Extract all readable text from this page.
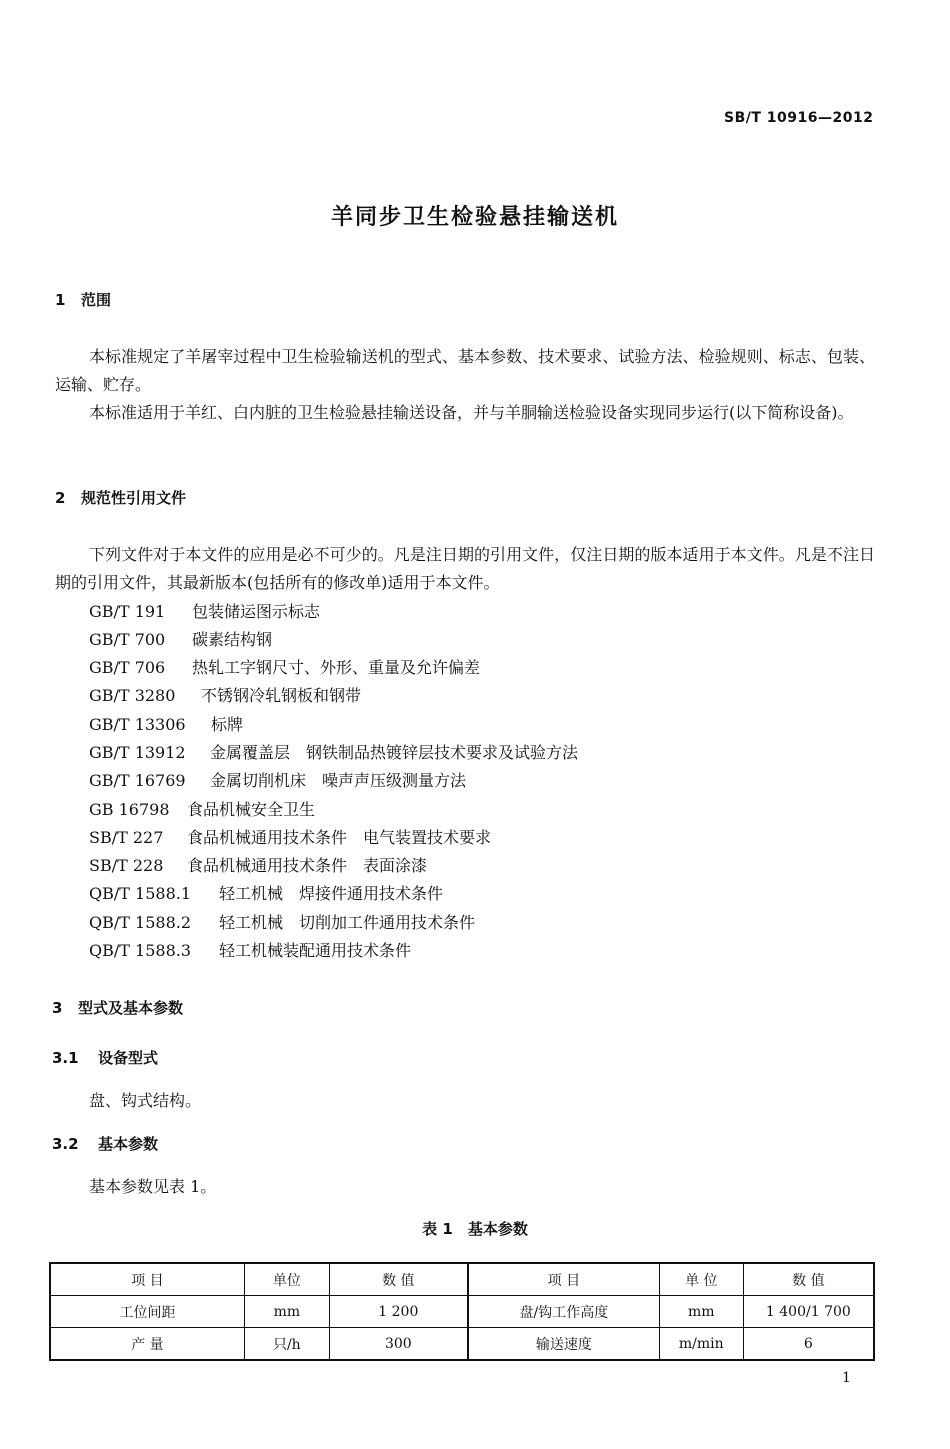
SB/T 10916—2012
羊同步卫生检验悬挂输送机
1 范围
本标准规定了羊屠宰过程中卫生检验输送机的型式、基本参数、技术要求、试验方法、检验规则、标志、包装、运输、贮存。
本标准适用于羊红、白内脏的卫生检验悬挂输送设备，并与羊胴输送检验设备实现同步运行(以下简称设备)。
2 规范性引用文件
下列文件对于本文件的应用是必不可少的。凡是注日期的引用文件，仅注日期的版本适用于本文件。凡是不注日期的引用文件，其最新版本(包括所有的修改单)适用于本文件。
GB/T 191 包装储运图示标志
GB/T 700 碳素结构钢
GB/T 706 热轧工字钢尺寸、外形、重量及允许偏差
GB/T 3280 不锈钢冷轧钢板和钢带
GB/T 13306 标牌
GB/T 13912 金属覆盖层　钢铁制品热镀锌层技术要求及试验方法
GB/T 16769 金属切削机床　噪声声压级测量方法
GB 16798 食品机械安全卫生
SB/T 227 食品机械通用技术条件　电气装置技术要求
SB/T 228 食品机械通用技术条件　表面涂漆
QB/T 1588.1 轻工机械　焊接件通用技术条件
QB/T 1588.2 轻工机械　切削加工件通用技术条件
QB/T 1588.3 轻工机械装配通用技术条件
3 型式及基本参数
3.1 设备型式
盘、钩式结构。
3.2 基本参数
基本参数见表 1。
表 1　基本参数
项 目	单位	数 值	项 目	单 位	数 值
工位间距	mm	1 200	盘/钩工作高度	mm	1 400/1 700
产 量	只/h	300	输送速度	m/min	6
1
